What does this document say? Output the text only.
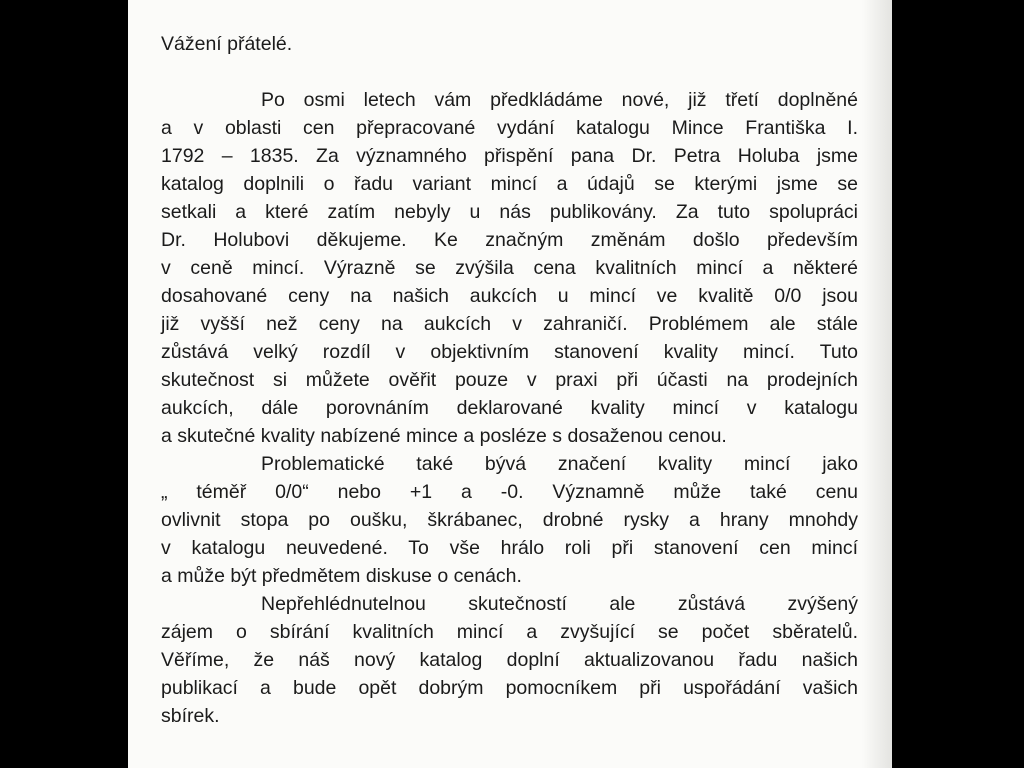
Vážení přátelé.

Po osmi letech vám předkládáme nové, již třetí doplněné

a v oblasti cen přepracované vydání katalogu Mince Františka I.

1792 – 1835. Za významného přispění pana Dr. Petra Holuba jsme

katalog doplnili o řadu variant mincí a údajů se kterými jsme se

setkali a které zatím nebyly u nás publikovány. Za tuto spolupráci

Dr. Holubovi děkujeme. Ke značným změnám došlo především

v ceně mincí. Výrazně se zvýšila cena kvalitních mincí a některé

dosahované ceny na našich aukcích u mincí ve kvalitě 0/0 jsou

již vyšší než ceny na aukcích v zahraničí. Problémem ale stále

zůstává velký rozdíl v objektivním stanovení kvality mincí. Tuto

skutečnost si můžete ověřit pouze v praxi při účasti na prodejních

aukcích, dále porovnáním deklarované kvality mincí v katalogu

a skutečné kvality nabízené mince a posléze s dosaženou cenou.

Problematické také bývá značení kvality mincí jako

„ téměř 0/0“ nebo +1 a -0. Významně může také cenu

ovlivnit stopa po oušku, škrábanec, drobné rysky a hrany mnohdy

v katalogu neuvedené. To vše hrálo roli při stanovení cen mincí

a může být předmětem diskuse o cenách.

Nepřehlédnutelnou skutečností ale zůstává zvýšený

zájem o sbírání kvalitních mincí a zvyšující se počet sběratelů.

Věříme, že náš nový katalog doplní aktualizovanou řadu našich

publikací a bude opět dobrým pomocníkem při uspořádání vašich

sbírek.
